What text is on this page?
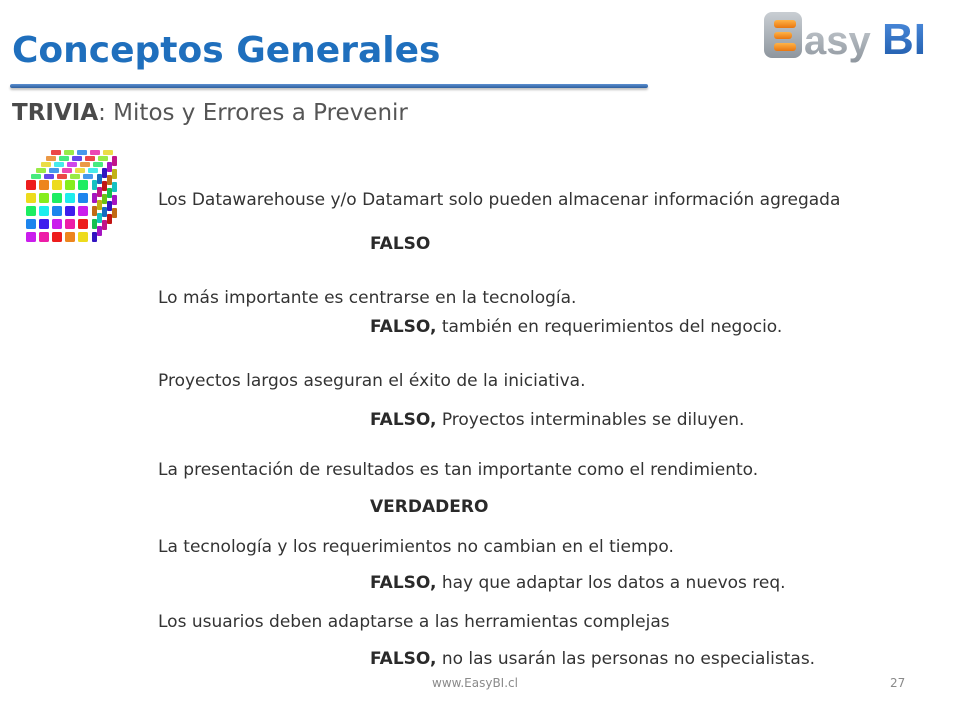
asy BI
Conceptos Generales
TRIVIA: Mitos y Errores a Prevenir
Los Datawarehouse y/o Datamart solo pueden almacenar información agregada
FALSO
Lo más importante es centrarse en la tecnología.
FALSO, también en requerimientos del negocio.
Proyectos largos aseguran el éxito de la iniciativa.
FALSO, Proyectos interminables se diluyen.
La presentación de resultados es tan importante como el rendimiento.
VERDADERO
La tecnología y los requerimientos no cambian en el tiempo.
FALSO, hay que adaptar los datos a nuevos req.
Los usuarios deben adaptarse a las herramientas complejas
FALSO, no las usarán las personas no especialistas.
www.EasyBI.cl	27
